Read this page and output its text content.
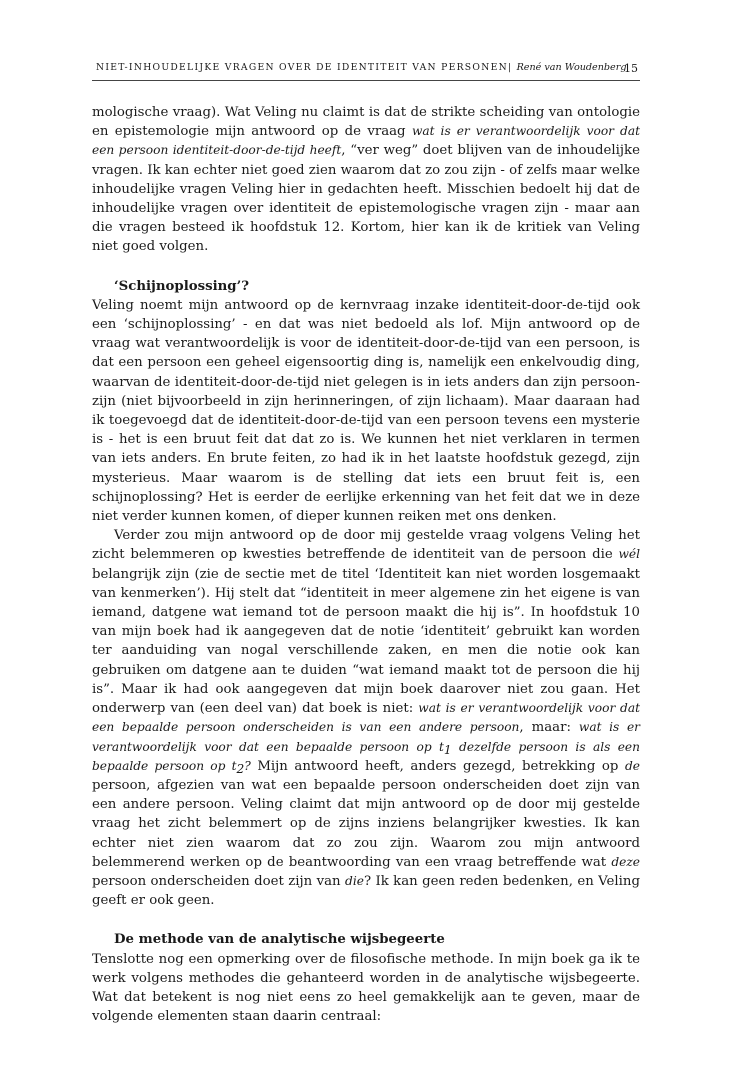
NIET-INHOUDELIJKE VRAGEN OVER DE IDENTITEIT VAN PERSONEN| René van Woudenberg
15

mologische vraag). Wat Veling nu claimt is dat de strikte scheiding van ontologie en epistemologie mijn antwoord op de vraag wat is er verantwoordelijk voor dat een persoon identiteit-door-de-tijd heeft, “ver weg” doet blijven van de inhoudelijke vragen. Ik kan echter niet goed zien waarom dat zo zou zijn - of zelfs maar welke inhoudelijke vragen Veling hier in gedachten heeft. Misschien bedoelt hij dat de inhoudelijke vragen over identiteit de epistemologische vragen zijn - maar aan die vragen besteed ik hoofdstuk 12. Kortom, hier kan ik de kritiek van Veling niet goed volgen.

‘Schijnoplossing’?

Veling noemt mijn antwoord op de kernvraag inzake identiteit-door-de-tijd ook een ‘schijnoplossing’ - en dat was niet bedoeld als lof. Mijn antwoord op de vraag wat verantwoordelijk is voor de identiteit-door-de-tijd van een persoon, is dat een persoon een geheel eigensoortig ding is, namelijk een enkelvoudig ding, waarvan de identiteit-door-de-tijd niet gelegen is in iets anders dan zijn persoon-zijn (niet bijvoorbeeld in zijn herinneringen, of zijn lichaam). Maar daaraan had ik toegevoegd dat de identiteit-door-de-tijd van een persoon tevens een mysterie is - het is een bruut feit dat dat zo is. We kunnen het niet verklaren in termen van iets anders. En brute feiten, zo had ik in het laatste hoofdstuk gezegd, zijn mysterieus. Maar waarom is de stelling dat iets een bruut feit is, een schijnoplossing? Het is eerder de eerlijke erkenning van het feit dat we in deze niet verder kunnen komen, of dieper kunnen reiken met ons denken.

Verder zou mijn antwoord op de door mij gestelde vraag volgens Veling het zicht belemmeren op kwesties betreffende de identiteit van de persoon die wél belangrijk zijn (zie de sectie met de titel ‘Identiteit kan niet worden losgemaakt van kenmerken’). Hij stelt dat “identiteit in meer algemene zin het eigene is van iemand, datgene wat iemand tot de persoon maakt die hij is”. In hoofdstuk 10 van mijn boek had ik aangegeven dat de notie ‘identiteit’ gebruikt kan worden ter aanduiding van nogal verschillende zaken, en men die notie ook kan gebruiken om datgene aan te duiden “wat iemand maakt tot de persoon die hij is”. Maar ik had ook aangegeven dat mijn boek daarover niet zou gaan. Het onderwerp van (een deel van) dat boek is niet: wat is er verantwoordelijk voor dat een bepaalde persoon onderscheiden is van een andere persoon, maar: wat is er verantwoordelijk voor dat een bepaalde persoon op $t_1$ dezelfde persoon is als een bepaalde persoon op $t_2$? Mijn antwoord heeft, anders gezegd, betrekking op de persoon, afgezien van wat een bepaalde persoon onderscheiden doet zijn van een andere persoon. Veling claimt dat mijn antwoord op de door mij gestelde vraag het zicht belemmert op de zijns inziens belangrijker kwesties. Ik kan echter niet zien waarom dat zo zou zijn. Waarom zou mijn antwoord belemmerend werken op de beantwoording van een vraag betreffende wat deze persoon onderscheiden doet zijn van die? Ik kan geen reden bedenken, en Veling geeft er ook geen.

De methode van de analytische wijsbegeerte

Tenslotte nog een opmerking over de filosofische methode. In mijn boek ga ik te werk volgens methodes die gehanteerd worden in de analytische wijsbegeerte. Wat dat betekent is nog niet eens zo heel gemakkelijk aan te geven, maar de volgende elementen staan daarin centraal:
